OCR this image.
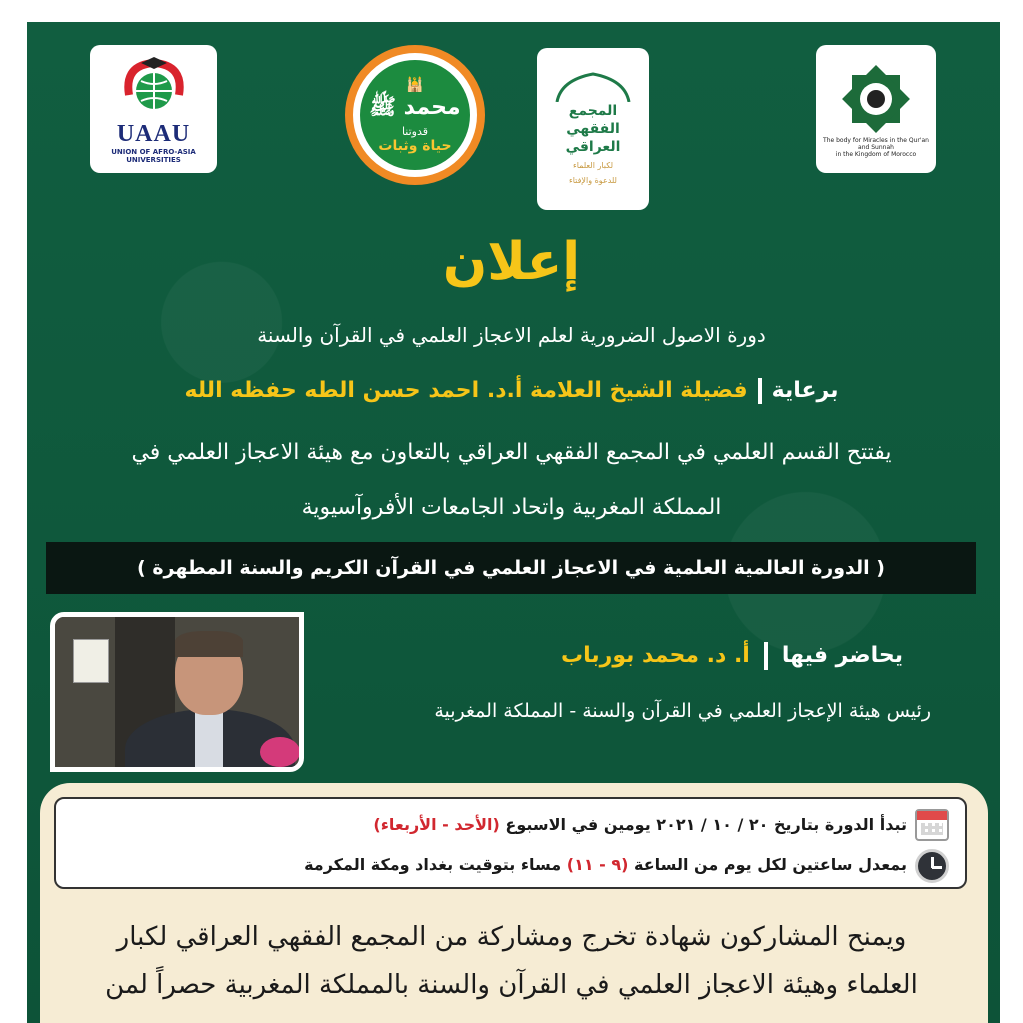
UAAU
UNION OF AFRO-ASIA
UNIVERSITIES
🕌
محمد ﷺ
قدوتنا
حياة وثبات
المجمع
الفقهي
العراقي
لكبار العلماء
للدعوة والإفتاء
The body for Miracles in the Qur'an and Sunnah
in the Kingdom of Morocco
إعلان
دورة الاصول الضرورية لعلم الاعجاز العلمي في القرآن والسنة
برعايةفضيلة الشيخ العلامة أ.د. احمد حسن الطه حفظه الله
يفتتح القسم العلمي في المجمع الفقهي العراقي بالتعاون مع هيئة الاعجاز العلمي في
المملكة المغربية واتحاد الجامعات الأفروآسيوية
( الدورة العالمية العلمية في الاعجاز العلمي في القرآن الكريم والسنة المطهرة )
يحاضر فيهاأ. د. محمد بورباب
رئيس هيئة الإعجاز العلمي في القرآن والسنة - المملكة المغربية
تبدأ الدورة بتاريخ ٢٠ / ١٠ / ٢٠٢١ يومين في الاسبوع (الأحد - الأربعاء)
بمعدل ساعتين لكل يوم من الساعة (٩ - ١١) مساء بتوقيت بغداد ومكة المكرمة
ويمنح المشاركون شهادة تخرج ومشاركة من المجمع الفقهي العراقي لكبار
العلماء وهيئة الاعجاز العلمي في القرآن والسنة بالمملكة المغربية حصراً لمن
